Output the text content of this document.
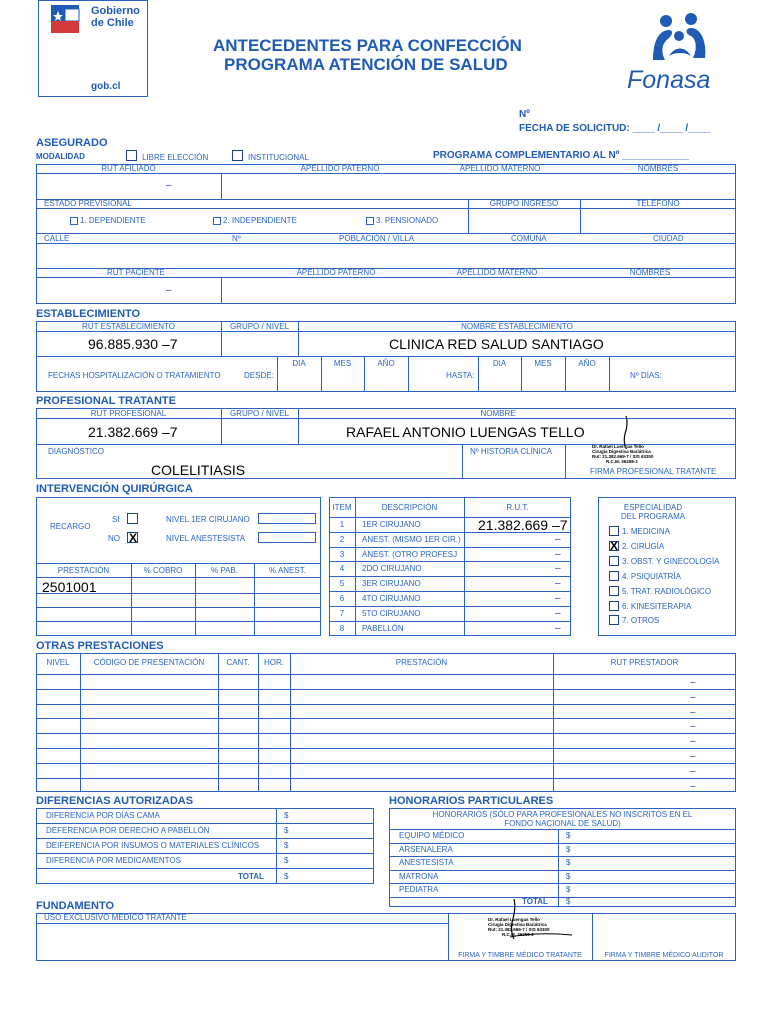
Gobierno
de Chile
gob.cl
ANTECEDENTES PARA CONFECCIÓN
PROGRAMA ATENCIÓN DE SALUD
Fonasa
Nº
FECHA DE SOLICITUD: ____ /____ /____
ASEGURADO
MODALIDAD	LIBRE ELECCIÓN	INSTITUCIONAL	PROGRAMA COMPLEMENTARIO AL Nº ____________
RUT AFILIADO	APELLIDO PATERNO	APELLIDO MATERNO	NOMBRES
–
ESTADO PREVISIONAL	GRUPO INGRESO	TELÉFONO
1. DEPENDIENTE	2. INDEPENDIENTE	3. PENSIONADO
CALLE	Nº	POBLACIÓN / VILLA	COMUNA	CIUDAD
RUT PACIENTE	APELLIDO PATERNO	APELLIDO MATERNO	NOMBRES
–
ESTABLECIMIENTO
RUT ESTABLECIMIENTO	GRUPO / NIVEL	NOMBRE ESTABLECIMIENTO
96.885.930 –7	CLINICA RED SALUD SANTIAGO
FECHAS HOSPITALIZACIÓN O TRATAMIENTO	DESDE:
DIA	MES	AÑO
HASTA:
DIA	MES	AÑO
Nº DIAS:
PROFESIONAL TRATANTE
RUT PROFESIONAL	GRUPO / NIVEL	NOMBRE
21.382.669 –7	RAFAEL ANTONIO LUENGAS TELLO
DIAGNÓSTICO
COLELITIASIS
Nº HISTORIA CLÍNICA
Dr. Rafael Luengas Tello
Cirugía Digestiva Bariátrica
Rut: 21.382.669-7 / SIS 63300
R.C.M. 36258-2
FIRMA PROFESIONAL TRATANTE
INTERVENCIÓN QUIRÚRGICA
RECARGO
SI
NO X
NIVEL 1ER CIRUJANO
NIVEL ANESTESISTA
PRESTACIÓN	% COBRO	% PAB.	% ANEST.
2501001
ITEM	DESCRIPCIÓN	R.U.T.
1	1ER CIRUJANO	21.382.669 –7
2	ANEST. (MISMO 1ER CIR.)	–
3	ANEST. (OTRO PROFESJ	–
4	2DO CIRUJANO	–
5	3ER CIRUJANO	–
6	4TO CIRUJANO	–
7	5TO CIRUJANO	–
8	PABELLÓN	–
ESPECIALIDAD
DEL PROGRAMA
1. MEDICINA
X 2. CIRUGÍA
3. OBST. Y GINECOLOGÍA
4. PSIQUIATRÍA
5. TRAT. RADIOLÓGICO
6. KINESITERAPIA
7. OTROS
OTRAS PRESTACIONES
NIVEL	CÓDIGO DE PRESENTACIÓN	CANT.	HOR.	PRESTACIÓN	RUT PRESTADOR
–
–
–
–
–
–
–
–
DIFERENCIAS AUTORIZADAS
DIFERENCIA POR DÍAS CAMA	$
DEFERENCIA POR DERECHO A PABELLÓN	$
DEIFERENCIA POR INSUMOS O MATERIALES CLÍNICOS	$
DIFERENCIA POR MEDICAMENTOS	$
TOTAL	$
HONORARIOS PARTICULARES
HONORARIOS (SÓLO PARA PROFESIONALES NO INSCRITOS EN EL
FONDO NACIONAL DE SALUD)
EQUIPO MÉDICO	$
ARSENALERA	$
ANESTESISTA	$
MATRONA	$
PEDIATRA	$
TOTAL $
FUNDAMENTO
USO EXCLUSIVO MÉDICO TRATANTE	Dr. Rafael Luengas Tello
Cirugía Digestiva Bariátrica
Rut: 21.382.669-7 / SIS 63300
R.C.M. 36258-2
FIRMA Y TIMBRE MÉDICO TRATANTE	FIRMA Y TIMBRE MÉDICO AUDITOR
